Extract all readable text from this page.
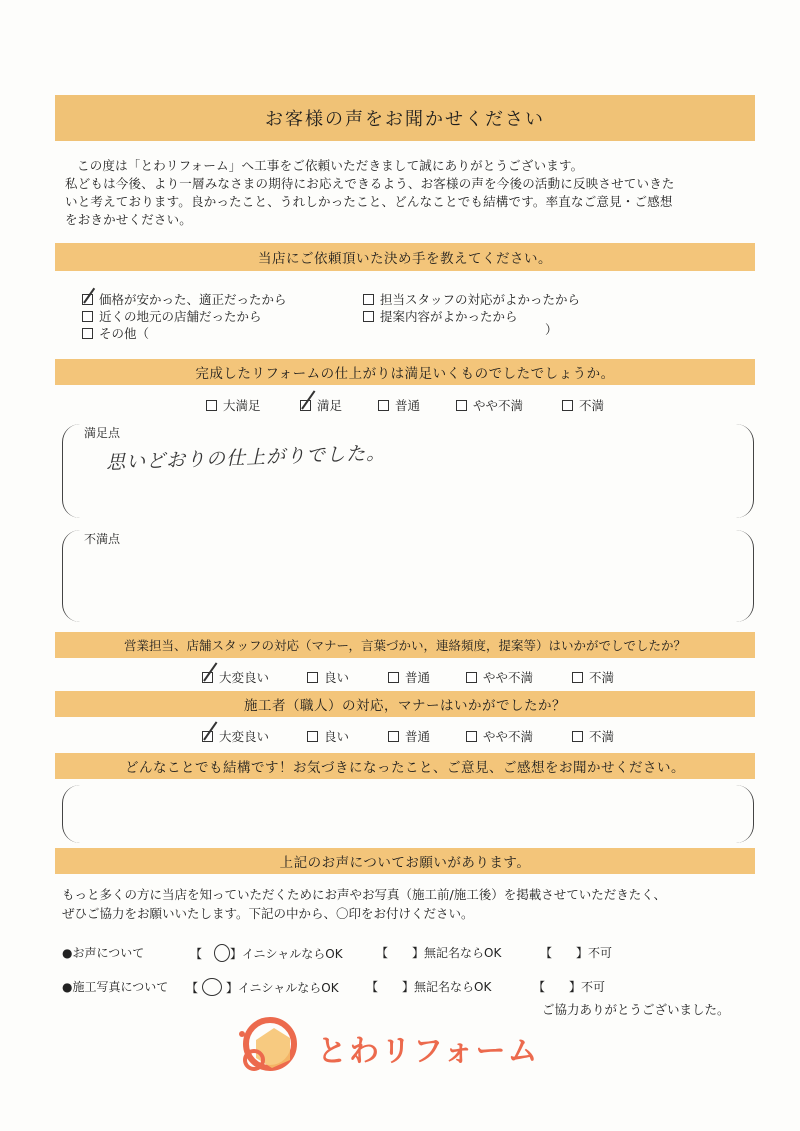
お客様の声をお聞かせください

この度は「とわリフォーム」へ工事をご依頼いただきまして誠にありがとうございます。

私どもは今後、より一層みなさまの期待にお応えできるよう、お客様の声を今後の活動に反映させていきた

いと考えております。良かったこと、うれしかったこと、どんなことでも結構です。率直なご意見・ご感想

をおきかせください。

当店にご依頼頂いた決め手を教えてください。
価格が安かった、適正だったから	担当スタッフの対応がよかったから
近くの地元の店舗だったから	提案内容がよかったから
その他（	）
完成したリフォームの仕上がりは満足いくものでしたでしょうか。
大満足	満足	普通	やや不満	不満
満足点
思いどおりの仕上がりでした。
不満点
営業担当、店舗スタッフの対応（マナー，言葉づかい，連絡頻度，提案等）はいかがでしでしたか？
大変良い	良い	普通	やや不満	不満
施工者（職人）の対応，マナーはいかがでしたか？
大変良い	良い	普通	やや不満	不満
どんなことでも結構です！お気づきになったこと、ご意見、ご感想をお聞かせください。
上記のお声についてお願いがあります。
もっと多くの方に当店を知っていただくためにお声やお写真（施工前/施工後）を掲載させていただきたく、
ぜひご協力をお願いいたします。下記の中から、〇印をお付けください。
●お声について	【　 ○】イニシャルならOK	【　　】無記名ならOK	【　　】不可
●施工写真について 【 ○ 】イニシャルならOK 【　　】無記名ならOK	【　　】不可
ご協力ありがとうございました。
とわリフォーム
